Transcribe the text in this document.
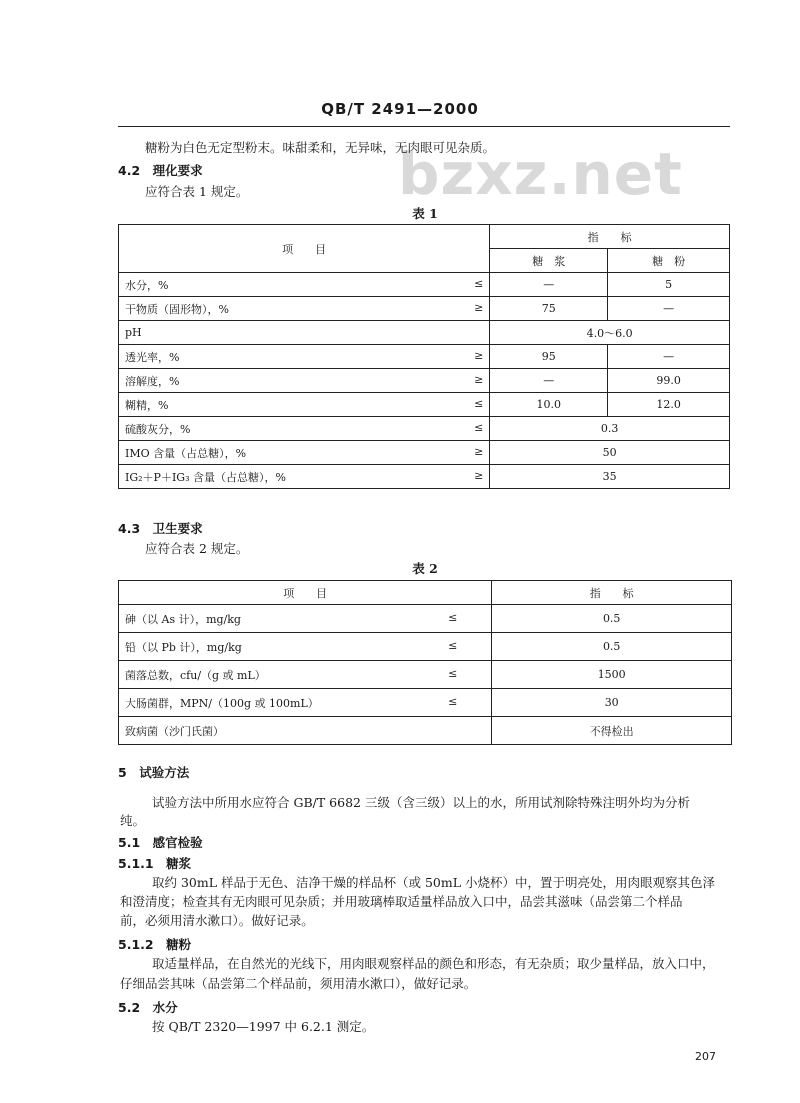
QB/T 2491—2000
bzxz.net
糖粉为白色无定型粉末。味甜柔和，无异味，无肉眼可见杂质。
4.2　 理化要求
应符合表 1 规定。
表 1
项　　目	指　　标	
	糖　浆	糖　粉
水分，% ≤	—	5
干物质（固形物），% ≥	75	—
pH	4.0～6.0	
透光率，% ≥	95	—
溶解度，% ≥	—	99.0
糊精，% ≤	10.0	12.0
硫酸灰分，% ≤	0.3	
IMO 含量（占总糖），% ≥	50	
IG₂＋P＋IG₃ 含量（占总糖），% ≥	35	
4.3　 卫生要求
应符合表 2 规定。
表 2
项　　目	指　　标
砷（以 As 计），mg/kg ≤	0.5
铅（以 Pb 计），mg/kg ≤	0.5
菌落总数，cfu/（g 或 mL） ≤	1500
大肠菌群，MPN/（100g 或 100mL） ≤	30
致病菌（沙门氏菌）	不得检出
5　 试验方法
试验方法中所用水应符合 GB/T 6682 三级（含三级）以上的水，所用试剂除特殊注明外均为分析
纯。
5.1　 感官检验
5.1.1　 糖浆
取约 30mL 样品于无色、洁净干燥的样品杯（或 50mL 小烧杯）中，置于明亮处，用肉眼观察其色泽
和澄清度；检查其有无肉眼可见杂质；并用玻璃棒取适量样品放入口中，品尝其滋味（品尝第二个样品
前，必须用清水漱口）。做好记录。
5.1.2　 糖粉
取适量样品，在自然光的光线下，用肉眼观察样品的颜色和形态，有无杂质；取少量样品，放入口中，
仔细品尝其味（品尝第二个样品前，须用清水漱口），做好记录。
5.2　 水分
按 QB/T 2320—1997 中 6.2.1 测定。
207
